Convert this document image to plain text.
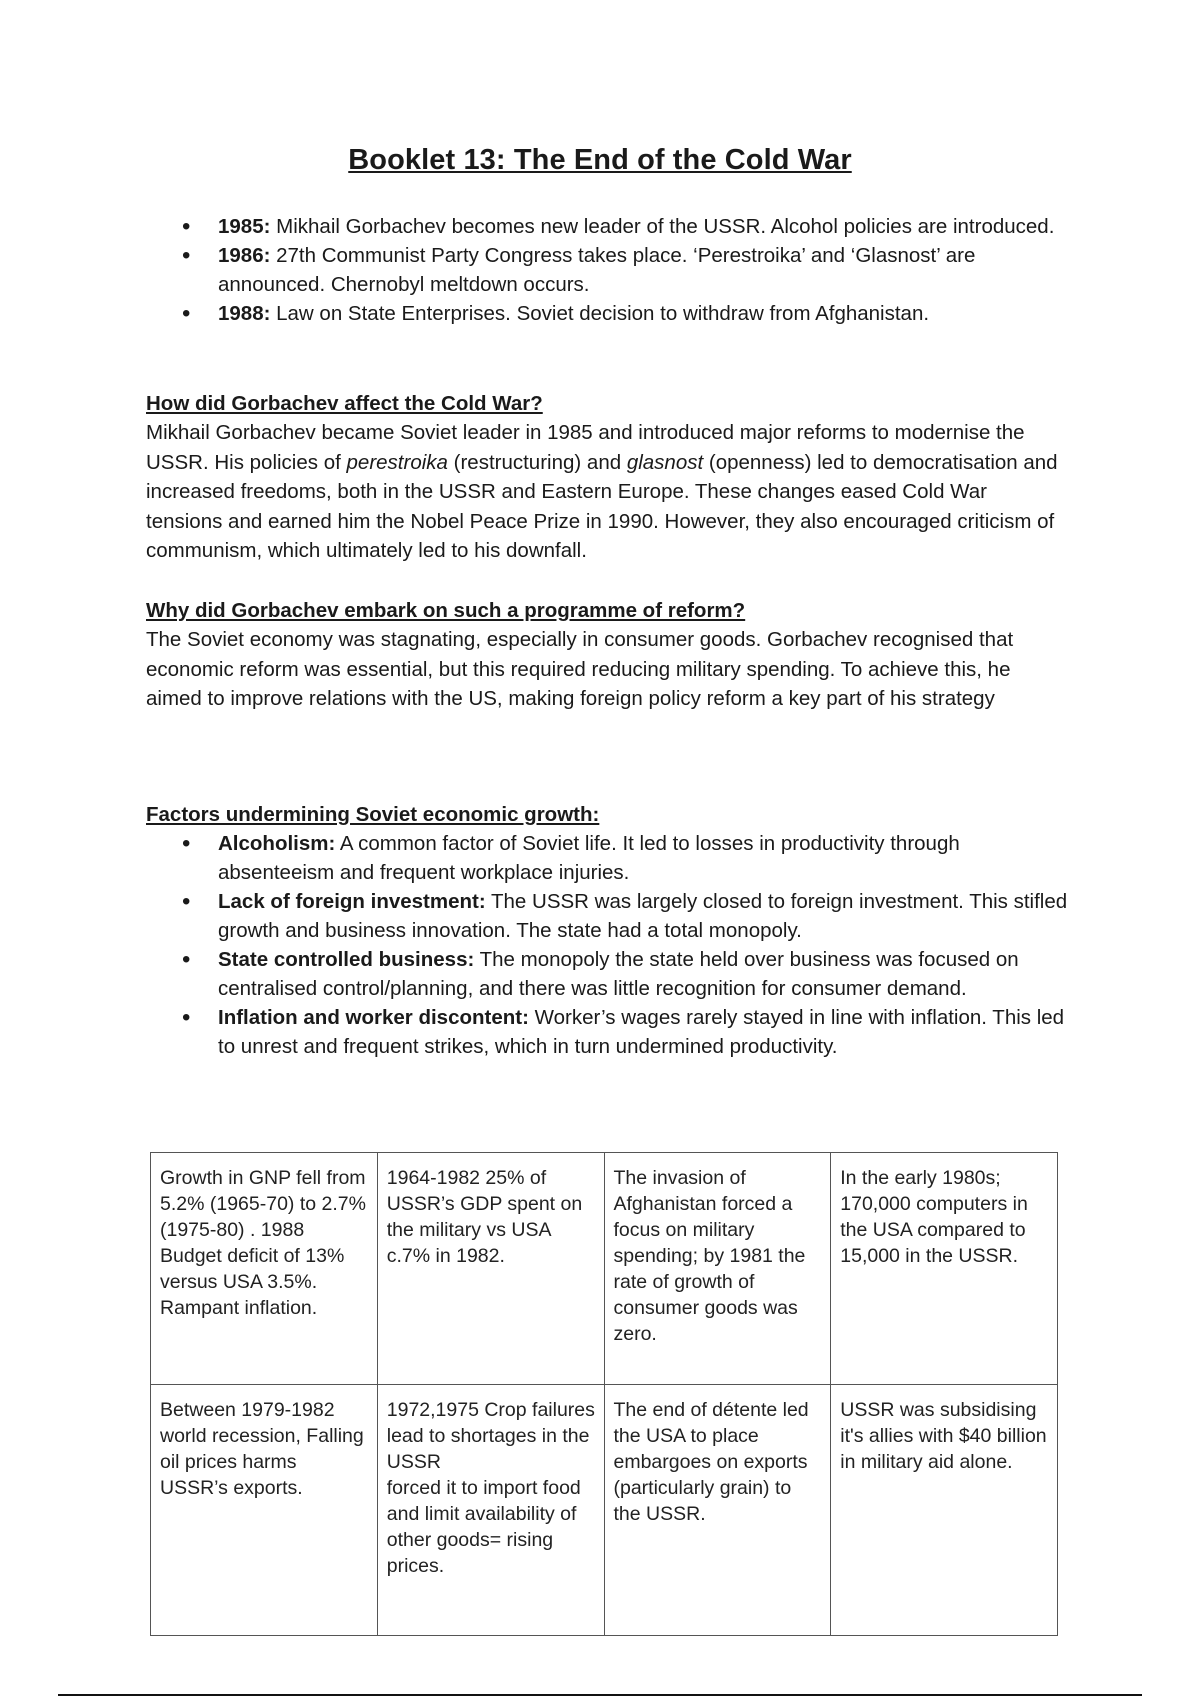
Booklet 13: The End of the Cold War
• 1985: Mikhail Gorbachev becomes new leader of the USSR. Alcohol policies are introduced.
• 1986: 27th Communist Party Congress takes place. ‘Perestroika’ and ‘Glasnost’ are announced. Chernobyl meltdown occurs.
• 1988: Law on State Enterprises. Soviet decision to withdraw from Afghanistan.
How did Gorbachev affect the Cold War?

Mikhail Gorbachev became Soviet leader in 1985 and introduced major reforms to modernise the USSR. His policies of perestroika (restructuring) and glasnost (openness) led to democratisation and increased freedoms, both in the USSR and Eastern Europe. These changes eased Cold War tensions and earned him the Nobel Peace Prize in 1990. However, they also encouraged criticism of communism, which ultimately led to his downfall.

Why did Gorbachev embark on such a programme of reform?

The Soviet economy was stagnating, especially in consumer goods. Gorbachev recognised that economic reform was essential, but this required reducing military spending. To achieve this, he aimed to improve relations with the US, making foreign policy reform a key part of his strategy

Factors undermining Soviet economic growth:
• Alcoholism: A common factor of Soviet life. It led to losses in productivity through absenteeism and frequent workplace injuries.
• Lack of foreign investment: The USSR was largely closed to foreign investment. This stifled growth and business innovation. The state had a total monopoly.
• State controlled business: The monopoly the state held over business was focused on centralised control/planning, and there was little recognition for consumer demand.
• Inflation and worker discontent: Worker’s wages rarely stayed in line with inflation. This led to unrest and frequent strikes, which in turn undermined productivity.
Growth in GNP fell from 5.2% (1965-70) to 2.7% (1975-80) . 1988 Budget deficit of 13% versus USA 3.5%. Rampant inflation.	1964-1982 25% of USSR’s GDP spent on the military vs USA c.7% in 1982.	The invasion of Afghanistan forced a focus on military spending; by 1981 the rate of growth of consumer goods was zero.	In the early 1980s; 170,000 computers in the USA compared to 15,000 in the USSR.

Between 1979-1982 world recession, Falling oil prices harms USSR’s exports.	1972,1975 Crop failures lead to shortages in the USSR
forced it to import food and limit availability of other goods= rising prices.	The end of détente led the USA to place embargoes on exports (particularly grain) to the USSR.	USSR was subsidising
it's allies with $40 billion in military aid alone.
